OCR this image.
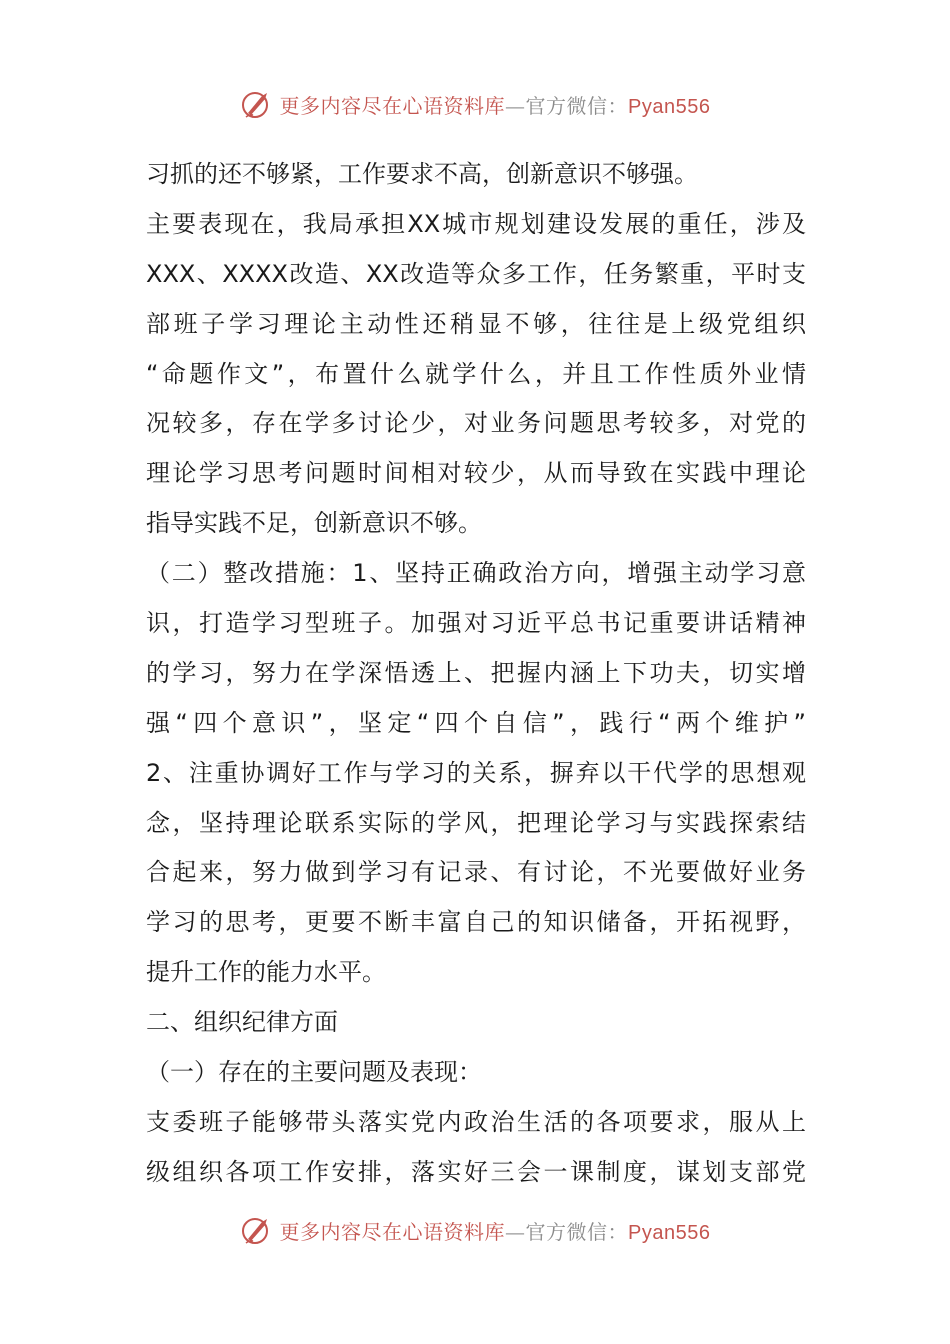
更多内容尽在心语资料库—官方微信：Pyan556
习抓的还不够紧，工作要求不高，创新意识不够强。
主要表现在，我局承担XX城市规划建设发展的重任，涉及
XXX、XXXX改造、XX改造等众多工作，任务繁重，平时支
部班子学习理论主动性还稍显不够，往往是上级党组织
“命题作文”，布置什么就学什么，并且工作性质外业情
况较多，存在学多讨论少，对业务问题思考较多，对党的
理论学习思考问题时间相对较少，从而导致在实践中理论
指导实践不足，创新意识不够。
（二）整改措施：1、坚持正确政治方向，增强主动学习意
识，打造学习型班子。加强对习近平总书记重要讲话精神
的学习，努力在学深悟透上、把握内涵上下功夫，切实增
强“四个意识”，坚定“四个自信”，践行“两个维护”
2、注重协调好工作与学习的关系，摒弃以干代学的思想观
念，坚持理论联系实际的学风，把理论学习与实践探索结
合起来，努力做到学习有记录、有讨论，不光要做好业务
学习的思考，更要不断丰富自己的知识储备，开拓视野，
提升工作的能力水平。
二、组织纪律方面
（一）存在的主要问题及表现：
支委班子能够带头落实党内政治生活的各项要求，服从上
级组织各项工作安排，落实好三会一课制度，谋划支部党
更多内容尽在心语资料库—官方微信：Pyan556
